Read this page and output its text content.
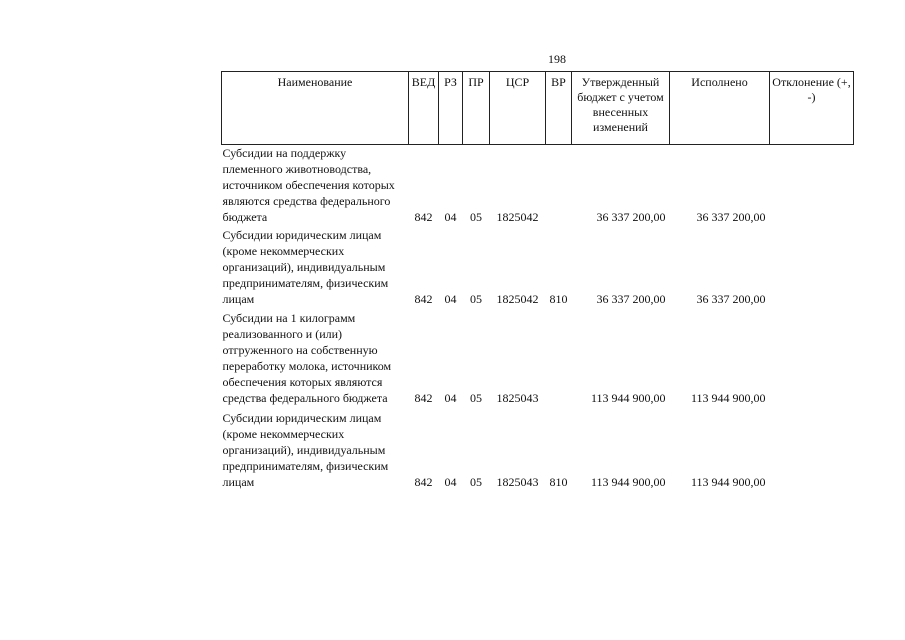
198
Наименование	ВЕД	РЗ	ПР	ЦСР	ВР	Утвержденный бюджет с учетом внесенных изменений	Исполнено	Отклонение (+, -)
Субсидии на поддержку племенного животноводства, источником обеспечения которых являются средства федерального бюджета	842	04	05	1825042		36 337 200,00	36 337 200,00	
Субсидии юридическим лицам (кроме некоммерческих организаций), индивидуальным предпринимателям, физическим лицам	842	04	05	1825042	810	36 337 200,00	36 337 200,00	
Субсидии на 1 килограмм реализованного и (или) отгруженного на собственную переработку молока, источником обеспечения которых являются средства федерального бюджета	842	04	05	1825043		113 944 900,00	113 944 900,00	
Субсидии юридическим лицам (кроме некоммерческих организаций), индивидуальным предпринимателям, физическим лицам	842	04	05	1825043	810	113 944 900,00	113 944 900,00	
